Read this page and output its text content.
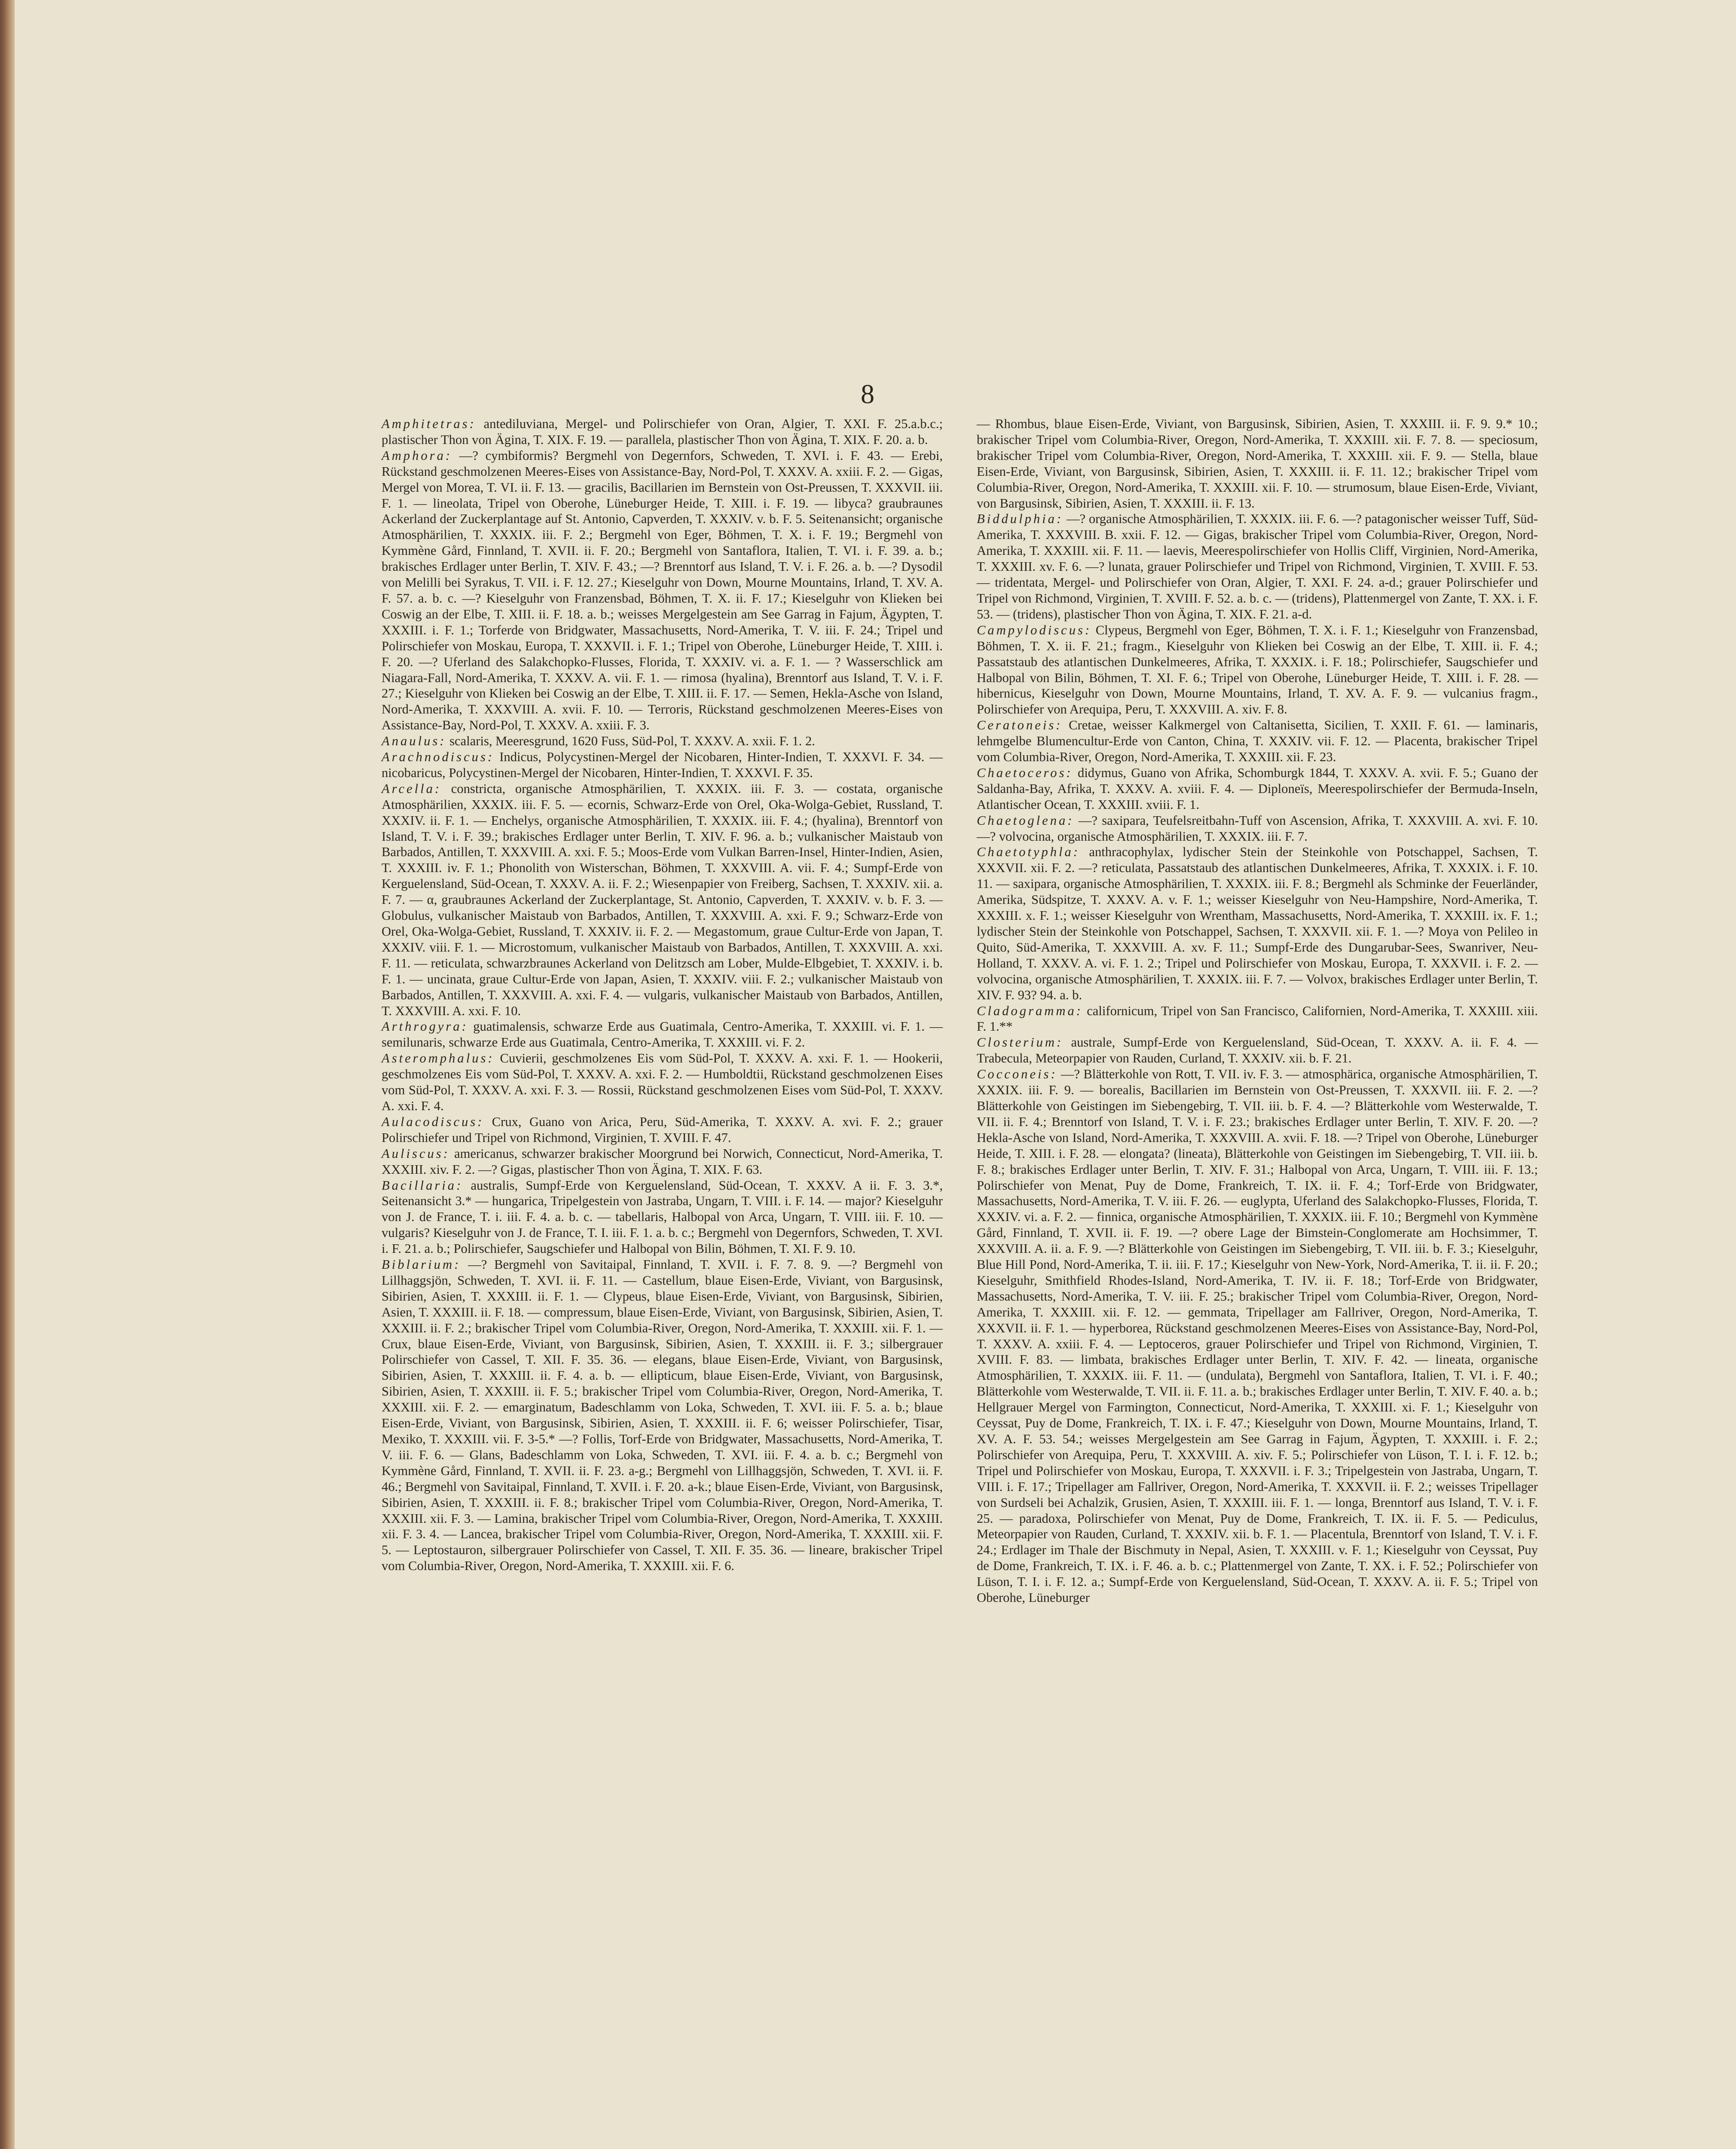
8

Amphitetras: antediluviana, Mergel- und Polirschiefer von Oran, Algier, T. XXI. F. 25.a.b.c.; plastischer Thon von Ägina, T. XIX. F. 19. — parallela, plastischer Thon von Ägina, T. XIX. F. 20. a. b.

Amphora: —? cymbiformis? Bergmehl von Degernfors, Schweden, T. XVI. i. F. 43. — Erebi, Rückstand geschmolzenen Meeres-Eises von Assistance-Bay, Nord-Pol, T. XXXV. A. xxiii. F. 2. — Gigas, Mergel von Morea, T. VI. ii. F. 13. — gracilis, Bacillarien im Bernstein von Ost-Preussen, T. XXXVII. iii. F. 1. — lineolata, Tripel von Oberohe, Lüneburger Heide, T. XIII. i. F. 19. — libyca? graubraunes Ackerland der Zuckerplantage auf St. Antonio, Capverden, T. XXXIV. v. b. F. 5. Seitenansicht; organische Atmosphärilien, T. XXXIX. iii. F. 2.; Bergmehl von Eger, Böhmen, T. X. i. F. 19.; Bergmehl von Kymmène Gård, Finnland, T. XVII. ii. F. 20.; Bergmehl von Santaflora, Italien, T. VI. i. F. 39. a. b.; brakisches Erdlager unter Berlin, T. XIV. F. 43.; —? Brenntorf aus Island, T. V. i. F. 26. a. b. —? Dysodil von Melilli bei Syrakus, T. VII. i. F. 12. 27.; Kieselguhr von Down, Mourne Mountains, Irland, T. XV. A. F. 57. a. b. c. —? Kieselguhr von Franzensbad, Böhmen, T. X. ii. F. 17.; Kieselguhr von Klieken bei Coswig an der Elbe, T. XIII. ii. F. 18. a. b.; weisses Mergelgestein am See Garrag in Fajum, Ägypten, T. XXXIII. i. F. 1.; Torferde von Bridgwater, Massachusetts, Nord-Amerika, T. V. iii. F. 24.; Tripel und Polirschiefer von Moskau, Europa, T. XXXVII. i. F. 1.; Tripel von Oberohe, Lüneburger Heide, T. XIII. i. F. 20. —? Uferland des Salakchopko-Flusses, Florida, T. XXXIV. vi. a. F. 1. — ? Wasserschlick am Niagara-Fall, Nord-Amerika, T. XXXV. A. vii. F. 1. — rimosa (hyalina), Brenntorf aus Island, T. V. i. F. 27.; Kieselguhr von Klieken bei Coswig an der Elbe, T. XIII. ii. F. 17. — Semen, Hekla-Asche von Island, Nord-Amerika, T. XXXVIII. A. xvii. F. 10. — Terroris, Rückstand geschmolzenen Meeres-Eises von Assistance-Bay, Nord-Pol, T. XXXV. A. xxiii. F. 3.

Anaulus: scalaris, Meeresgrund, 1620 Fuss, Süd-Pol, T. XXXV. A. xxii. F. 1. 2.

Arachnodiscus: Indicus, Polycystinen-Mergel der Nicobaren, Hinter-Indien, T. XXXVI. F. 34. — nicobaricus, Polycystinen-Mergel der Nicobaren, Hinter-Indien, T. XXXVI. F. 35.

Arcella: constricta, organische Atmosphärilien, T. XXXIX. iii. F. 3. — costata, organische Atmosphärilien, XXXIX. iii. F. 5. — ecornis, Schwarz-Erde von Orel, Oka-Wolga-Gebiet, Russland, T. XXXIV. ii. F. 1. — Enchelys, organische Atmosphärilien, T. XXXIX. iii. F. 4.; (hyalina), Brenntorf von Island, T. V. i. F. 39.; brakisches Erdlager unter Berlin, T. XIV. F. 96. a. b.; vulkanischer Maistaub von Barbados, Antillen, T. XXXVIII. A. xxi. F. 5.; Moos-Erde vom Vulkan Barren-Insel, Hinter-Indien, Asien, T. XXXIII. iv. F. 1.; Phonolith von Wisterschan, Böhmen, T. XXXVIII. A. vii. F. 4.; Sumpf-Erde von Kerguelensland, Süd-Ocean, T. XXXV. A. ii. F. 2.; Wiesenpapier von Freiberg, Sachsen, T. XXXIV. xii. a. F. 7. — α, graubraunes Ackerland der Zuckerplantage, St. Antonio, Capverden, T. XXXIV. v. b. F. 3. — Globulus, vulkanischer Maistaub von Barbados, Antillen, T. XXXVIII. A. xxi. F. 9.; Schwarz-Erde von Orel, Oka-Wolga-Gebiet, Russland, T. XXXIV. ii. F. 2. — Megastomum, graue Cultur-Erde von Japan, T. XXXIV. viii. F. 1. — Microstomum, vulkanischer Maistaub von Barbados, Antillen, T. XXXVIII. A. xxi. F. 11. — reticulata, schwarzbraunes Ackerland von Delitzsch am Lober, Mulde-Elbgebiet, T. XXXIV. i. b. F. 1. — uncinata, graue Cultur-Erde von Japan, Asien, T. XXXIV. viii. F. 2.; vulkanischer Maistaub von Barbados, Antillen, T. XXXVIII. A. xxi. F. 4. — vulgaris, vulkanischer Maistaub von Barbados, Antillen, T. XXXVIII. A. xxi. F. 10.

Arthrogyra: guatimalensis, schwarze Erde aus Guatimala, Centro-Amerika, T. XXXIII. vi. F. 1. — semilunaris, schwarze Erde aus Guatimala, Centro-Amerika, T. XXXIII. vi. F. 2.

Asteromphalus: Cuvierii, geschmolzenes Eis vom Süd-Pol, T. XXXV. A. xxi. F. 1. — Hookerii, geschmolzenes Eis vom Süd-Pol, T. XXXV. A. xxi. F. 2. — Humboldtii, Rückstand geschmolzenen Eises vom Süd-Pol, T. XXXV. A. xxi. F. 3. — Rossii, Rückstand geschmolzenen Eises vom Süd-Pol, T. XXXV. A. xxi. F. 4.

Aulacodiscus: Crux, Guano von Arica, Peru, Süd-Amerika, T. XXXV. A. xvi. F. 2.; grauer Polirschiefer und Tripel von Richmond, Virginien, T. XVIII. F. 47.

Auliscus: americanus, schwarzer brakischer Moorgrund bei Norwich, Connecticut, Nord-Amerika, T. XXXIII. xiv. F. 2. —? Gigas, plastischer Thon von Ägina, T. XIX. F. 63.

Bacillaria: australis, Sumpf-Erde von Kerguelensland, Süd-Ocean, T. XXXV. A ii. F. 3. 3.*, Seitenansicht 3.* — hungarica, Tripelgestein von Jastraba, Ungarn, T. VIII. i. F. 14. — major? Kieselguhr von J. de France, T. i. iii. F. 4. a. b. c. — tabellaris, Halbopal von Arca, Ungarn, T. VIII. iii. F. 10. — vulgaris? Kieselguhr von J. de France, T. I. iii. F. 1. a. b. c.; Bergmehl von Degernfors, Schweden, T. XVI. i. F. 21. a. b.; Polirschiefer, Saugschiefer und Halbopal von Bilin, Böhmen, T. XI. F. 9. 10.

Biblarium: —? Bergmehl von Savitaipal, Finnland, T. XVII. i. F. 7. 8. 9. —? Bergmehl von Lillhaggsjön, Schweden, T. XVI. ii. F. 11. — Castellum, blaue Eisen-Erde, Viviant, von Bargusinsk, Sibirien, Asien, T. XXXIII. ii. F. 1. — Clypeus, blaue Eisen-Erde, Viviant, von Bargusinsk, Sibirien, Asien, T. XXXIII. ii. F. 18. — compressum, blaue Eisen-Erde, Viviant, von Bargusinsk, Sibirien, Asien, T. XXXIII. ii. F. 2.; brakischer Tripel vom Columbia-River, Oregon, Nord-Amerika, T. XXXIII. xii. F. 1. — Crux, blaue Eisen-Erde, Viviant, von Bargusinsk, Sibirien, Asien, T. XXXIII. ii. F. 3.; silbergrauer Polirschiefer von Cassel, T. XII. F. 35. 36. — elegans, blaue Eisen-Erde, Viviant, von Bargusinsk, Sibirien, Asien, T. XXXIII. ii. F. 4. a. b. — ellipticum, blaue Eisen-Erde, Viviant, von Bargusinsk, Sibirien, Asien, T. XXXIII. ii. F. 5.; brakischer Tripel vom Columbia-River, Oregon, Nord-Amerika, T. XXXIII. xii. F. 2. — emarginatum, Badeschlamm von Loka, Schweden, T. XVI. iii. F. 5. a. b.; blaue Eisen-Erde, Viviant, von Bargusinsk, Sibirien, Asien, T. XXXIII. ii. F. 6; weisser Polirschiefer, Tisar, Mexiko, T. XXXIII. vii. F. 3-5.* —? Follis, Torf-Erde von Bridgwater, Massachusetts, Nord-Amerika, T. V. iii. F. 6. — Glans, Badeschlamm von Loka, Schweden, T. XVI. iii. F. 4. a. b. c.; Bergmehl von Kymmène Gård, Finnland, T. XVII. ii. F. 23. a-g.; Bergmehl von Lillhaggsjön, Schweden, T. XVI. ii. F. 46.; Bergmehl von Savitaipal, Finnland, T. XVII. i. F. 20. a-k.; blaue Eisen-Erde, Viviant, von Bargusinsk, Sibirien, Asien, T. XXXIII. ii. F. 8.; brakischer Tripel vom Columbia-River, Oregon, Nord-Amerika, T. XXXIII. xii. F. 3. — Lamina, brakischer Tripel vom Columbia-River, Oregon, Nord-Amerika, T. XXXIII. xii. F. 3. 4. — Lancea, brakischer Tripel vom Columbia-River, Oregon, Nord-Amerika, T. XXXIII. xii. F. 5. — Leptostauron, silbergrauer Polirschiefer von Cassel, T. XII. F. 35. 36. — lineare, brakischer Tripel vom Columbia-River, Oregon, Nord-Amerika, T. XXXIII. xii. F. 6.

— Rhombus, blaue Eisen-Erde, Viviant, von Bargusinsk, Sibirien, Asien, T. XXXIII. ii. F. 9. 9.* 10.; brakischer Tripel vom Columbia-River, Oregon, Nord-Amerika, T. XXXIII. xii. F. 7. 8. — speciosum, brakischer Tripel vom Columbia-River, Oregon, Nord-Amerika, T. XXXIII. xii. F. 9. — Stella, blaue Eisen-Erde, Viviant, von Bargusinsk, Sibirien, Asien, T. XXXIII. ii. F. 11. 12.; brakischer Tripel vom Columbia-River, Oregon, Nord-Amerika, T. XXXIII. xii. F. 10. — strumosum, blaue Eisen-Erde, Viviant, von Bargusinsk, Sibirien, Asien, T. XXXIII. ii. F. 13.

Biddulphia: —? organische Atmosphärilien, T. XXXIX. iii. F. 6. —? patagonischer weisser Tuff, Süd-Amerika, T. XXXVIII. B. xxii. F. 12. — Gigas, brakischer Tripel vom Columbia-River, Oregon, Nord-Amerika, T. XXXIII. xii. F. 11. — laevis, Meerespolirschiefer von Hollis Cliff, Virginien, Nord-Amerika, T. XXXIII. xv. F. 6. —? lunata, grauer Polirschiefer und Tripel von Richmond, Virginien, T. XVIII. F. 53. — tridentata, Mergel- und Polirschiefer von Oran, Algier, T. XXI. F. 24. a-d.; grauer Polirschiefer und Tripel von Richmond, Virginien, T. XVIII. F. 52. a. b. c. — (tridens), Plattenmergel von Zante, T. XX. i. F. 53. — (tridens), plastischer Thon von Ägina, T. XIX. F. 21. a-d.

Campylodiscus: Clypeus, Bergmehl von Eger, Böhmen, T. X. i. F. 1.; Kieselguhr von Franzensbad, Böhmen, T. X. ii. F. 21.; fragm., Kieselguhr von Klieken bei Coswig an der Elbe, T. XIII. ii. F. 4.; Passatstaub des atlantischen Dunkelmeeres, Afrika, T. XXXIX. i. F. 18.; Polirschiefer, Saugschiefer und Halbopal von Bilin, Böhmen, T. XI. F. 6.; Tripel von Oberohe, Lüneburger Heide, T. XIII. i. F. 28. — hibernicus, Kieselguhr von Down, Mourne Mountains, Irland, T. XV. A. F. 9. — vulcanius fragm., Polirschiefer von Arequipa, Peru, T. XXXVIII. A. xiv. F. 8.

Ceratoneis: Cretae, weisser Kalkmergel von Caltanisetta, Sicilien, T. XXII. F. 61. — laminaris, lehmgelbe Blumencultur-Erde von Canton, China, T. XXXIV. vii. F. 12. — Placenta, brakischer Tripel vom Columbia-River, Oregon, Nord-Amerika, T. XXXIII. xii. F. 23.

Chaetoceros: didymus, Guano von Afrika, Schomburgk 1844, T. XXXV. A. xvii. F. 5.; Guano der Saldanha-Bay, Afrika, T. XXXV. A. xviii. F. 4. — Diploneïs, Meerespolirschiefer der Bermuda-Inseln, Atlantischer Ocean, T. XXXIII. xviii. F. 1.

Chaetoglena: —? saxipara, Teufelsreitbahn-Tuff von Ascension, Afrika, T. XXXVIII. A. xvi. F. 10. —? volvocina, organische Atmosphärilien, T. XXXIX. iii. F. 7.

Chaetotyphla: anthracophylax, lydischer Stein der Steinkohle von Potschappel, Sachsen, T. XXXVII. xii. F. 2. —? reticulata, Passatstaub des atlantischen Dunkelmeeres, Afrika, T. XXXIX. i. F. 10. 11. — saxipara, organische Atmosphärilien, T. XXXIX. iii. F. 8.; Bergmehl als Schminke der Feuerländer, Amerika, Südspitze, T. XXXV. A. v. F. 1.; weisser Kieselguhr von Neu-Hampshire, Nord-Amerika, T. XXXIII. x. F. 1.; weisser Kieselguhr von Wrentham, Massachusetts, Nord-Amerika, T. XXXIII. ix. F. 1.; lydischer Stein der Steinkohle von Potschappel, Sachsen, T. XXXVII. xii. F. 1. —? Moya von Pelileo in Quito, Süd-Amerika, T. XXXVIII. A. xv. F. 11.; Sumpf-Erde des Dungarubar-Sees, Swanriver, Neu-Holland, T. XXXV. A. vi. F. 1. 2.; Tripel und Polirschiefer von Moskau, Europa, T. XXXVII. i. F. 2. — volvocina, organische Atmosphärilien, T. XXXIX. iii. F. 7. — Volvox, brakisches Erdlager unter Berlin, T. XIV. F. 93? 94. a. b.

Cladogramma: californicum, Tripel von San Francisco, Californien, Nord-Amerika, T. XXXIII. xiii. F. 1.**

Closterium: australe, Sumpf-Erde von Kerguelensland, Süd-Ocean, T. XXXV. A. ii. F. 4. — Trabecula, Meteorpapier von Rauden, Curland, T. XXXIV. xii. b. F. 21.

Cocconeis: —? Blätterkohle von Rott, T. VII. iv. F. 3. — atmosphärica, organische Atmosphärilien, T. XXXIX. iii. F. 9. — borealis, Bacillarien im Bernstein von Ost-Preussen, T. XXXVII. iii. F. 2. —? Blätterkohle von Geistingen im Siebengebirg, T. VII. iii. b. F. 4. —? Blätterkohle vom Westerwalde, T. VII. ii. F. 4.; Brenntorf von Island, T. V. i. F. 23.; brakisches Erdlager unter Berlin, T. XIV. F. 20. —? Hekla-Asche von Island, Nord-Amerika, T. XXXVIII. A. xvii. F. 18. —? Tripel von Oberohe, Lüneburger Heide, T. XIII. i. F. 28. — elongata? (lineata), Blätterkohle von Geistingen im Siebengebirg, T. VII. iii. b. F. 8.; brakisches Erdlager unter Berlin, T. XIV. F. 31.; Halbopal von Arca, Ungarn, T. VIII. iii. F. 13.; Polirschiefer von Menat, Puy de Dome, Frankreich, T. IX. ii. F. 4.; Torf-Erde von Bridgwater, Massachusetts, Nord-Amerika, T. V. iii. F. 26. — euglypta, Uferland des Salakchopko-Flusses, Florida, T. XXXIV. vi. a. F. 2. — finnica, organische Atmosphärilien, T. XXXIX. iii. F. 10.; Bergmehl von Kymmène Gård, Finnland, T. XVII. ii. F. 19. —? obere Lage der Bimstein-Conglomerate am Hochsimmer, T. XXXVIII. A. ii. a. F. 9. —? Blätterkohle von Geistingen im Siebengebirg, T. VII. iii. b. F. 3.; Kieselguhr, Blue Hill Pond, Nord-Amerika, T. ii. iii. F. 17.; Kieselguhr von New-York, Nord-Amerika, T. ii. ii. F. 20.; Kieselguhr, Smithfield Rhodes-Island, Nord-Amerika, T. IV. ii. F. 18.; Torf-Erde von Bridgwater, Massachusetts, Nord-Amerika, T. V. iii. F. 25.; brakischer Tripel vom Columbia-River, Oregon, Nord-Amerika, T. XXXIII. xii. F. 12. — gemmata, Tripellager am Fallriver, Oregon, Nord-Amerika, T. XXXVII. ii. F. 1. — hyperborea, Rückstand geschmolzenen Meeres-Eises von Assistance-Bay, Nord-Pol, T. XXXV. A. xxiii. F. 4. — Leptoceros, grauer Polirschiefer und Tripel von Richmond, Virginien, T. XVIII. F. 83. — limbata, brakisches Erdlager unter Berlin, T. XIV. F. 42. — lineata, organische Atmosphärilien, T. XXXIX. iii. F. 11. — (undulata), Bergmehl von Santaflora, Italien, T. VI. i. F. 40.; Blätterkohle vom Westerwalde, T. VII. ii. F. 11. a. b.; brakisches Erdlager unter Berlin, T. XIV. F. 40. a. b.; Hellgrauer Mergel von Farmington, Connecticut, Nord-Amerika, T. XXXIII. xi. F. 1.; Kieselguhr von Ceyssat, Puy de Dome, Frankreich, T. IX. i. F. 47.; Kieselguhr von Down, Mourne Mountains, Irland, T. XV. A. F. 53. 54.; weisses Mergelgestein am See Garrag in Fajum, Ägypten, T. XXXIII. i. F. 2.; Polirschiefer von Arequipa, Peru, T. XXXVIII. A. xiv. F. 5.; Polirschiefer von Lüson, T. I. i. F. 12. b.; Tripel und Polirschiefer von Moskau, Europa, T. XXXVII. i. F. 3.; Tripelgestein von Jastraba, Ungarn, T. VIII. i. F. 17.; Tripellager am Fallriver, Oregon, Nord-Amerika, T. XXXVII. ii. F. 2.; weisses Tripellager von Surdseli bei Achalzik, Grusien, Asien, T. XXXIII. iii. F. 1. — longa, Brenntorf aus Island, T. V. i. F. 25. — paradoxa, Polirschiefer von Menat, Puy de Dome, Frankreich, T. IX. ii. F. 5. — Pediculus, Meteorpapier von Rauden, Curland, T. XXXIV. xii. b. F. 1. — Placentula, Brenntorf von Island, T. V. i. F. 24.; Erdlager im Thale der Bischmuty in Nepal, Asien, T. XXXIII. v. F. 1.; Kieselguhr von Ceyssat, Puy de Dome, Frankreich, T. IX. i. F. 46. a. b. c.; Plattenmergel von Zante, T. XX. i. F. 52.; Polirschiefer von Lüson, T. I. i. F. 12. a.; Sumpf-Erde von Kerguelensland, Süd-Ocean, T. XXXV. A. ii. F. 5.; Tripel von Oberohe, Lüneburger
